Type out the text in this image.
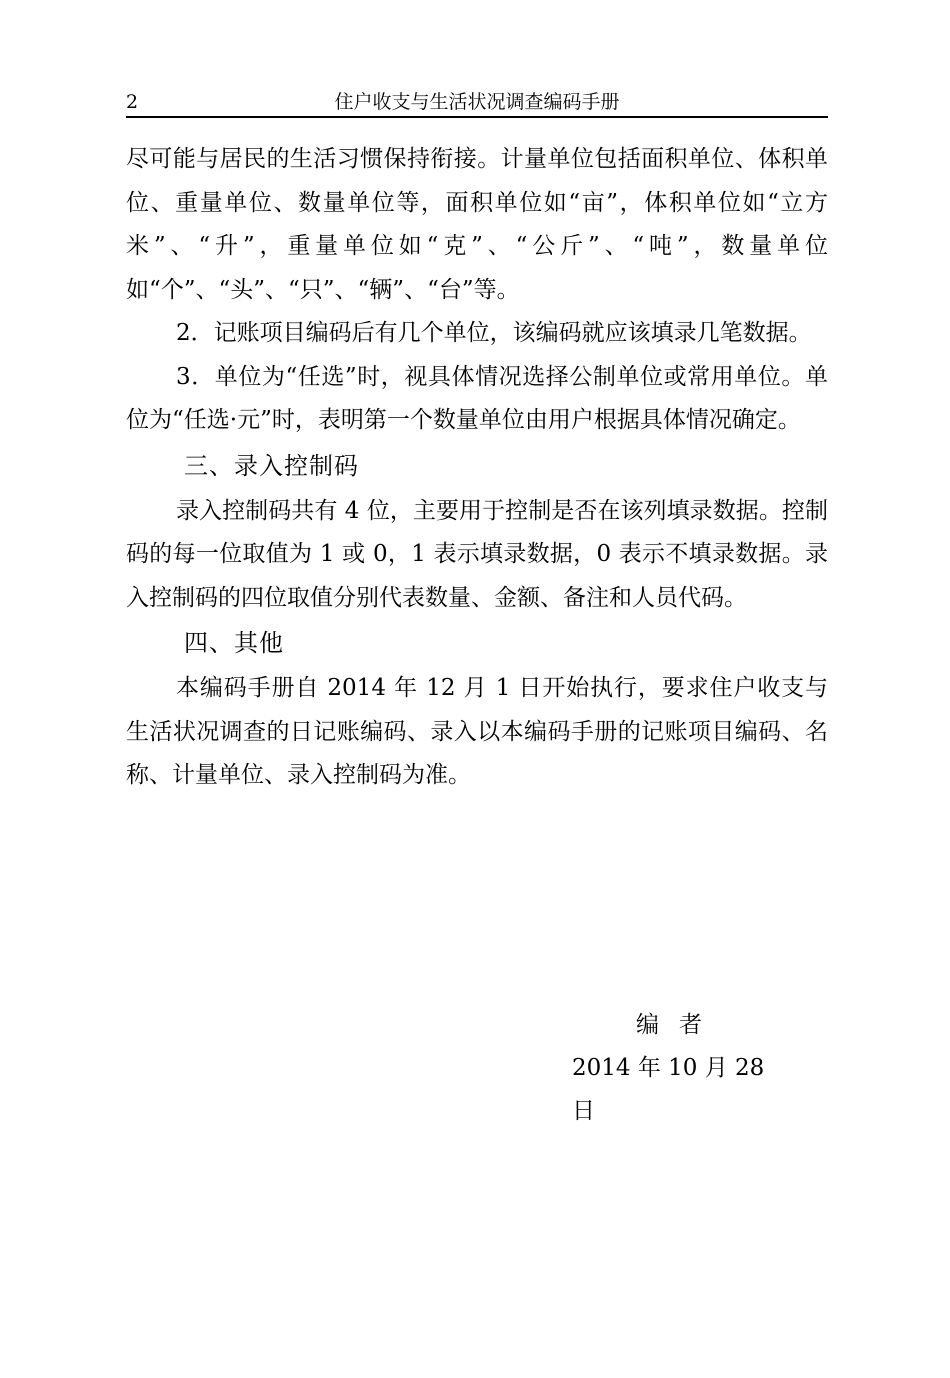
2	住户收支与生活状况调查编码手册

尽可能与居民的生活习惯保持衔接。计量单位包括面积单位、体积单位、重量单位、数量单位等，面积单位如“亩”，体积单位如“立方米”、“升”，重量单位如“克”、“公斤”、“吨”，数量单位如“个”、“头”、“只”、“辆”、“台”等。

2．记账项目编码后有几个单位，该编码就应该填录几笔数据。

3．单位为“任选”时，视具体情况选择公制单位或常用单位。单位为“任选·元”时，表明第一个数量单位由用户根据具体情况确定。

三、录入控制码

录入控制码共有 4 位，主要用于控制是否在该列填录数据。控制码的每一位取值为 1 或 0，1 表示填录数据，0 表示不填录数据。录入控制码的四位取值分别代表数量、金额、备注和人员代码。

四、其他

本编码手册自 2014 年 12 月 1 日开始执行，要求住户收支与生活状况调查的日记账编码、录入以本编码手册的记账项目编码、名称、计量单位、录入控制码为准。

编者
2014 年 10 月 28 日
